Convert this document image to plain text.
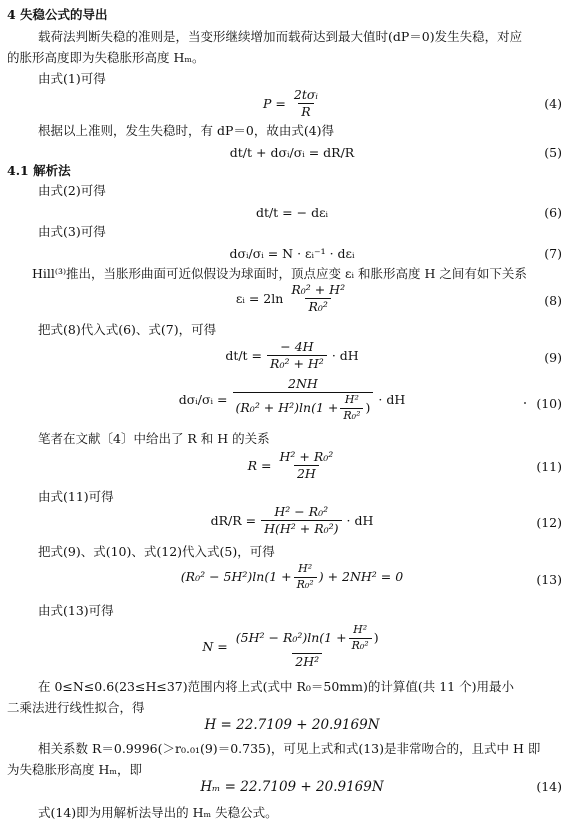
4 失稳公式的导出
载荷法判断失稳的准则是，当变形继续增加而载荷达到最大值时(dP＝0)发生失稳，对应
的胀形高度即为失稳胀形高度 Hₘ。
由式(1)可得
P =
2tσᵢ
R
(4)
根据以上准则，发生失稳时，有 dP＝0，故由式(4)得
dt/t + dσᵢ/σᵢ = dR/R	(5)
4.1 解析法
由式(2)可得
dt/t = − dεᵢ	(6)
由式(3)可得
dσᵢ/σᵢ = N · εᵢ⁻¹ · dεᵢ	(7)
Hill⁽³⁾推出，当胀形曲面可近似假设为球面时，顶点应变 εᵢ 和胀形高度 H 之间有如下关系
εᵢ = $2\ln \frac{\text{R₀² + H²}}{\text{R₀²}}$	(8)
把式(8)代入式(6)、式(7)，可得
$dt/t = \frac{- 4H}{\text{R₀² + H²}}$ · dH	(9)
dσᵢ/σᵢ =
2NH
$(R_0^2 + H^2)\ln(1 + \frac{\text{H²}}{\text{R₀²}}$ )
· dH	(10)
笔者在文献〔4〕中给出了 R 和 H 的关系
$R = \frac{\text{H² + R₀²}}{2H}$	(11)
由式(11)可得
$dR/R = \frac{\text{H² − R₀²}}{\text{H(H² + R₀²)}}$ · dH	(12)
把式(9)、式(10)、式(12)代入式(5)，可得
$(R_0^2 - 5H^2)\ln(1 + \frac{\text{H²}}{\text{R₀²}}$ ) + 2NH² = 0	(13)
由式(13)可得
N =
$(5H^2 - R_0^2)\ln(1 + \frac{\text{H²}}{\text{R₀²}}$ )
2H²
在 0≤N≤0.6(23≤H≤37)范围内将上式(式中 R₀＝50mm)的计算值(共 11 个)用最小
二乘法进行线性拟合，得
H = 22.7109 + 20.9169N
相关系数 R＝0.9996(＞r₀.₀₁(9)＝0.735)，可见上式和式(13)是非常吻合的，且式中 H 即
为失稳胀形高度 Hₘ，即
Hₘ = 22.7109 + 20.9169N	(14)
式(14)即为用解析法导出的 Hₘ 失稳公式。
